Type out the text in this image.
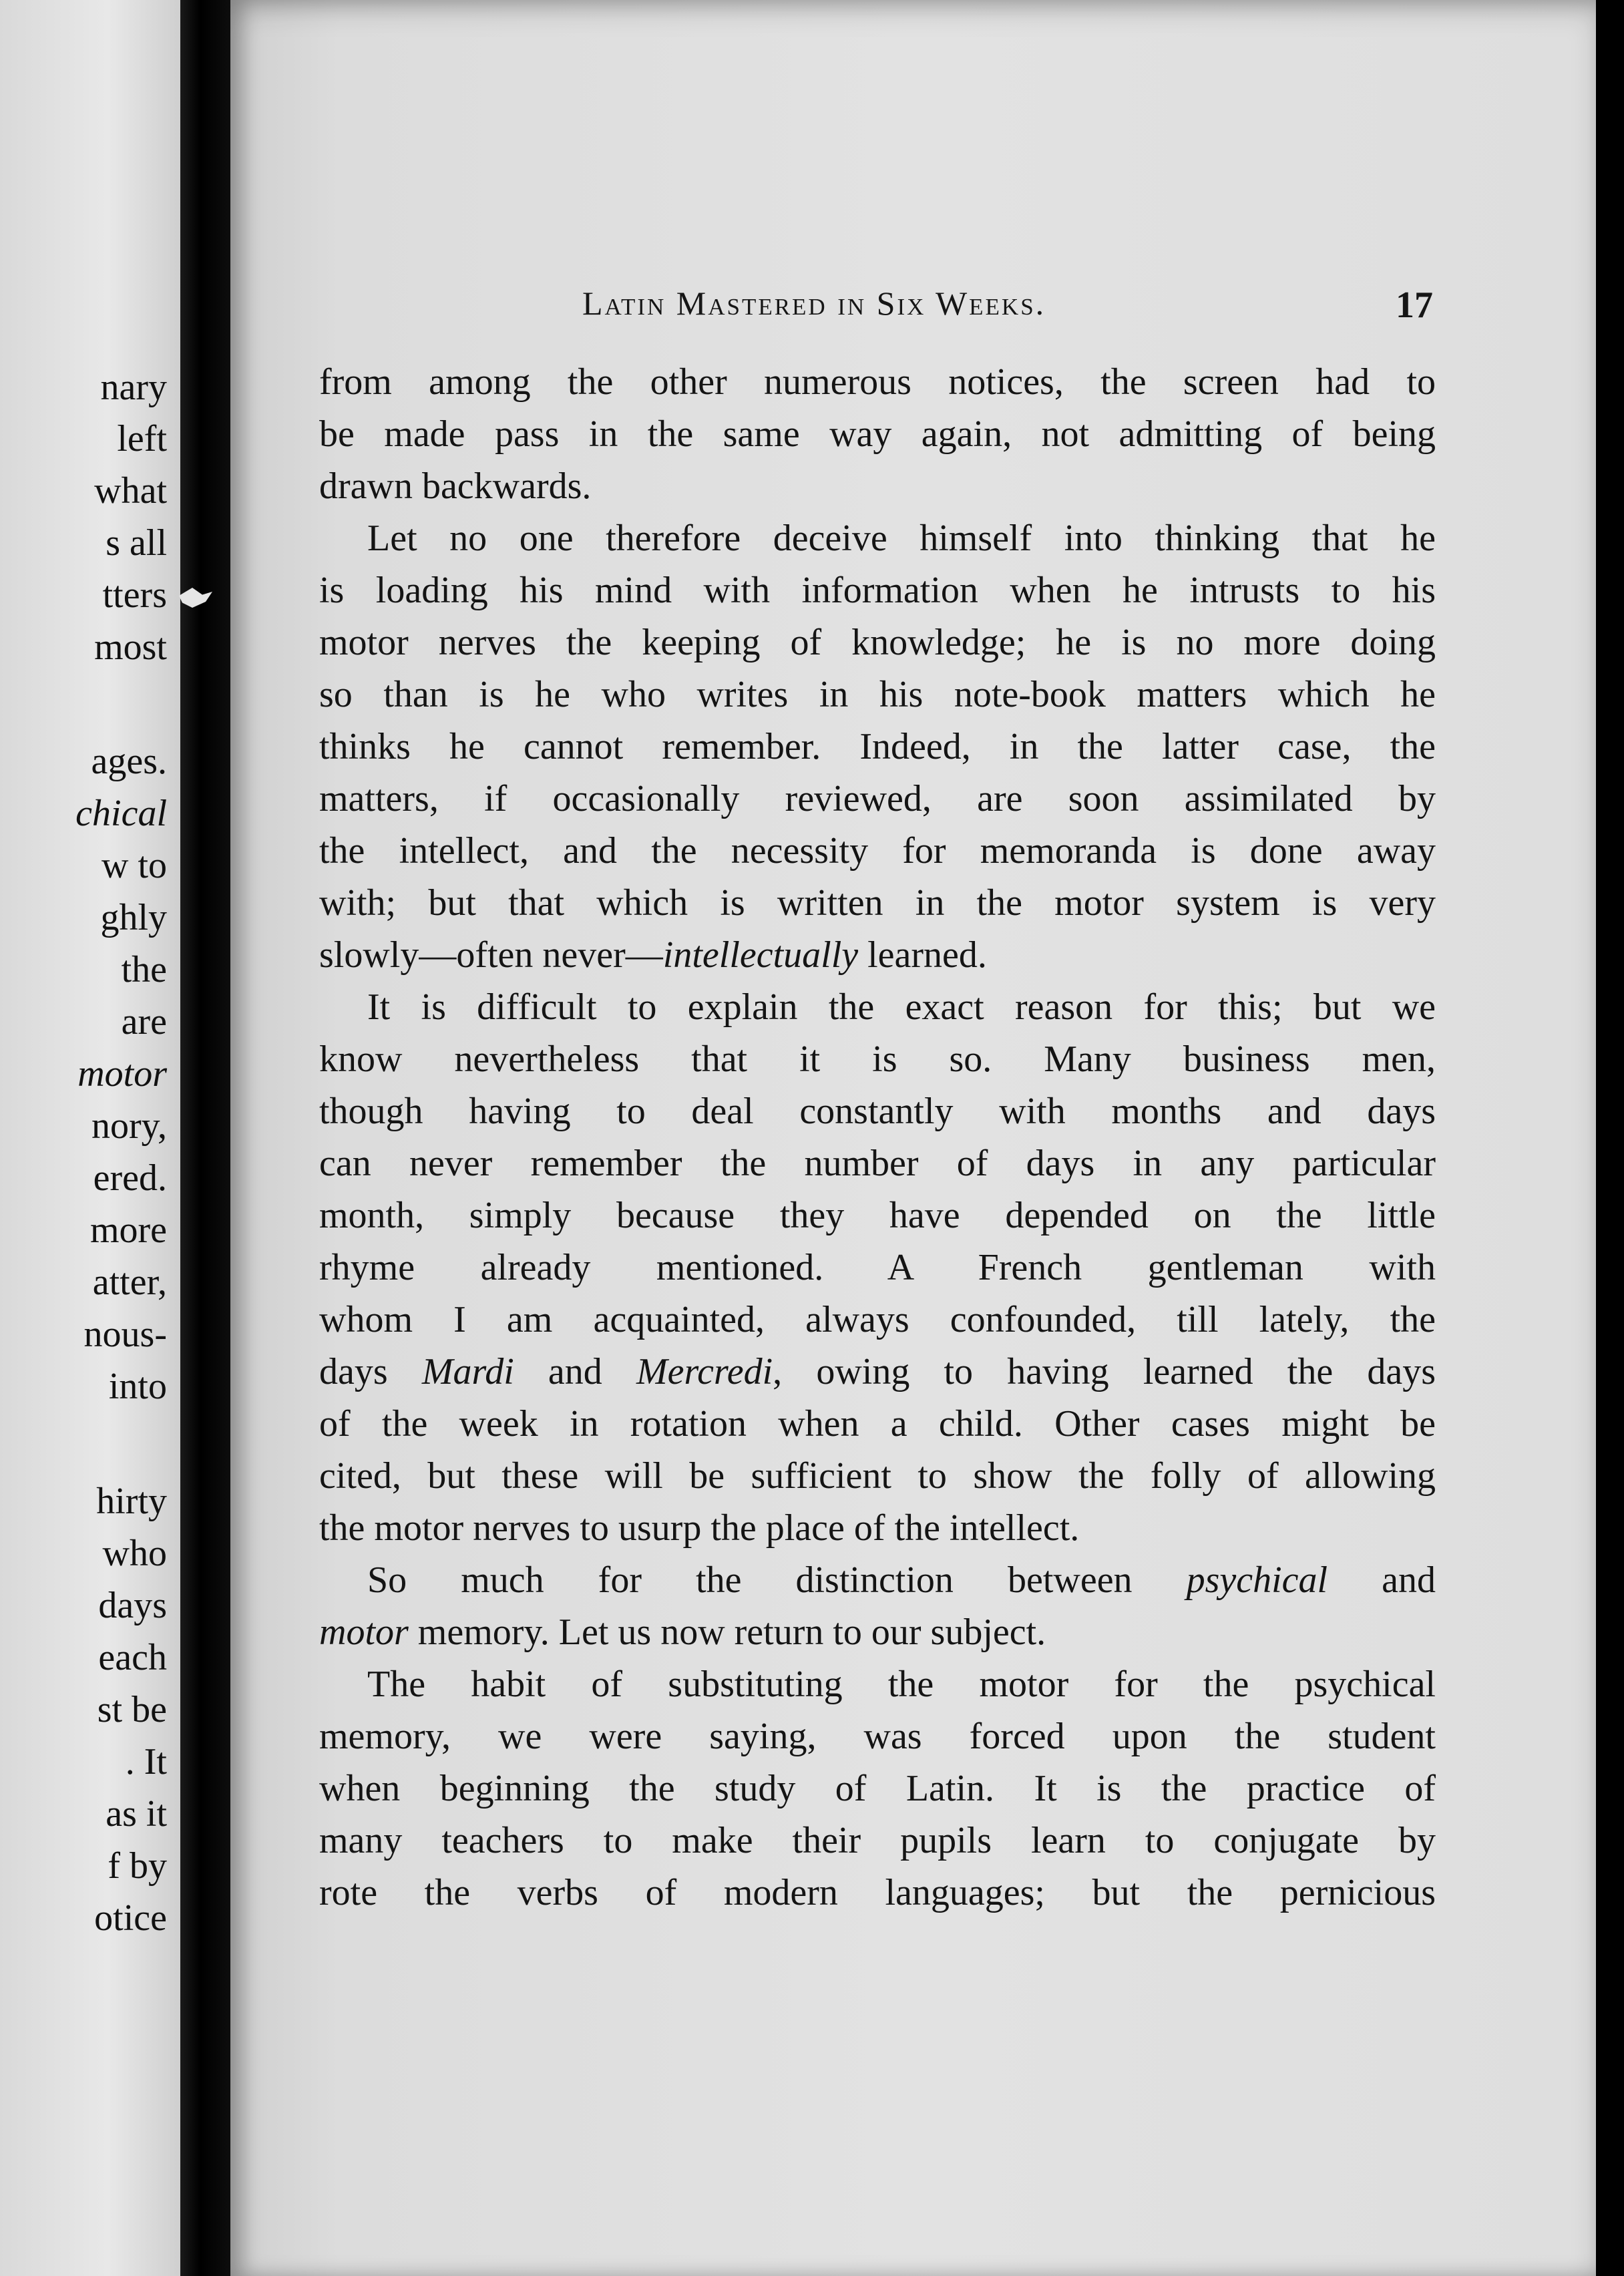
nary
left
what
s all
tters
most
ages.
chical
w to
ghly
the
are
motor
nory,
ered.
more
atter,
nous-
into
hirty
who
days
each
st be
. It
as it
f by
otice
Latin Mastered in Six Weeks.	17
from among the other numerous notices, the screen had to
be made pass in the same way again, not admitting of being
drawn backwards.
Let no one therefore deceive himself into thinking that he
is loading his mind with information when he intrusts to his
motor nerves the keeping of knowledge; he is no more doing
so than is he who writes in his note-book matters which he
thinks he cannot remember. Indeed, in the latter case, the
matters, if occasionally reviewed, are soon assimilated by
the intellect, and the necessity for memoranda is done away
with; but that which is written in the motor system is very
slowly—often never—intellectually learned.
It is difficult to explain the exact reason for this; but we
know nevertheless that it is so. Many business men,
though having to deal constantly with months and days
can never remember the number of days in any particular
month, simply because they have depended on the little
rhyme already mentioned. A French gentleman with
whom I am acquainted, always confounded, till lately, the
days Mardi and Mercredi, owing to having learned the days
of the week in rotation when a child. Other cases might be
cited, but these will be sufficient to show the folly of allowing
the motor nerves to usurp the place of the intellect.
So much for the distinction between psychical and
motor memory. Let us now return to our subject.
The habit of substituting the motor for the psychical
memory, we were saying, was forced upon the student
when beginning the study of Latin. It is the practice of
many teachers to make their pupils learn to conjugate by
rote the verbs of modern languages; but the pernicious
